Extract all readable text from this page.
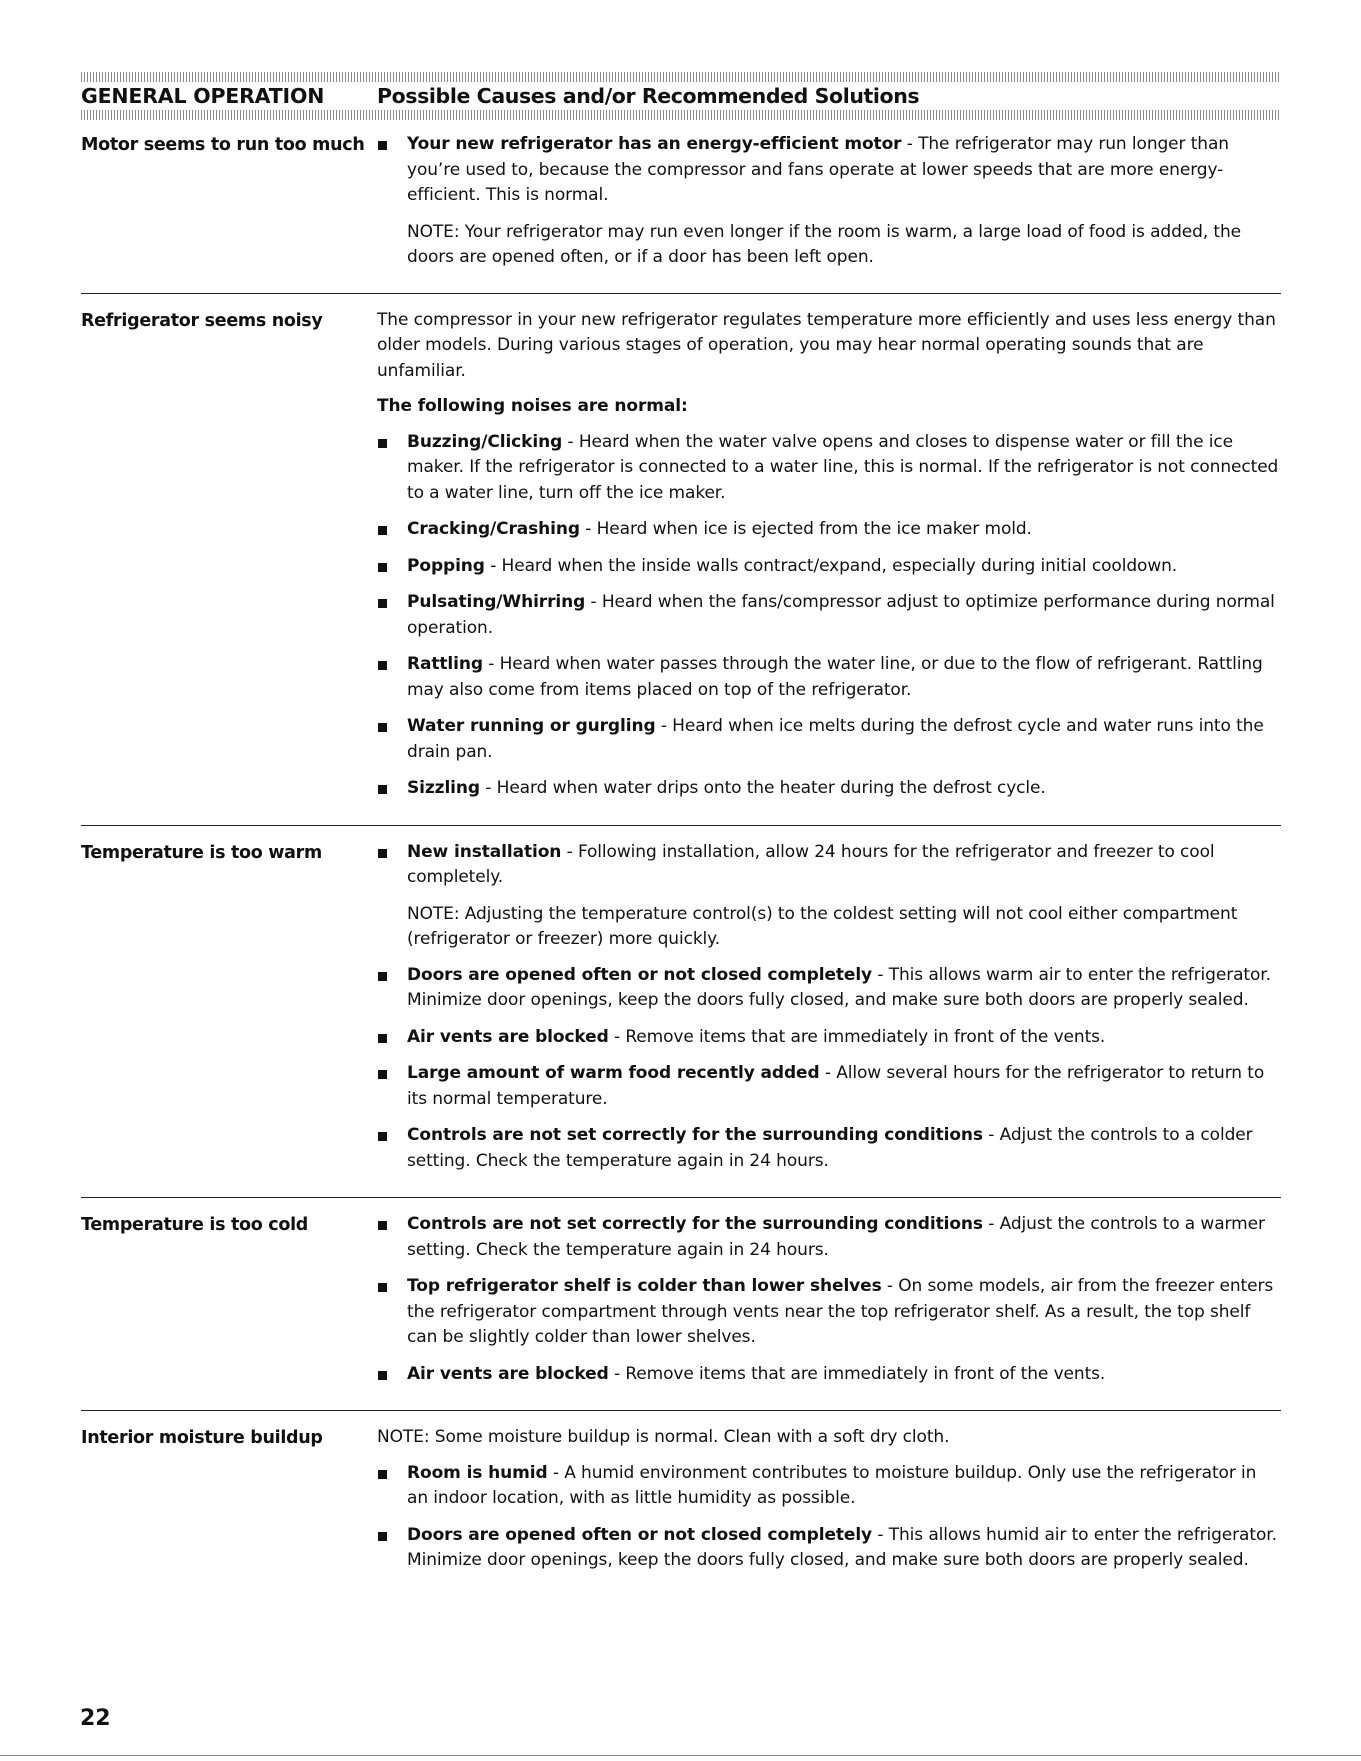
GENERAL OPERATION	Possible Causes and/or Recommended Solutions
Motor seems to run too much	Your new refrigerator has an energy-efficient motor - The refrigerator may run longer than you’re used to, because the compressor and fans operate at lower speeds that are more energy-efficient. This is normal.
NOTE: Your refrigerator may run even longer if the room is warm, a large load of food is added, the doors are opened often, or if a door has been left open.
Refrigerator seems noisy	The compressor in your new refrigerator regulates temperature more efficiently and uses less energy than older models. During various stages of operation, you may hear normal operating sounds that are unfamiliar.
The following noises are normal:
Buzzing/Clicking - Heard when the water valve opens and closes to dispense water or fill the ice maker. If the refrigerator is connected to a water line, this is normal. If the refrigerator is not connected to a water line, turn off the ice maker.
Cracking/Crashing - Heard when ice is ejected from the ice maker mold.
Popping - Heard when the inside walls contract/expand, especially during initial cooldown.
Pulsating/Whirring - Heard when the fans/compressor adjust to optimize performance during normal operation.
Rattling - Heard when water passes through the water line, or due to the flow of refrigerant. Rattling may also come from items placed on top of the refrigerator.
Water running or gurgling - Heard when ice melts during the defrost cycle and water runs into the drain pan.
Sizzling - Heard when water drips onto the heater during the defrost cycle.
Temperature is too warm	New installation - Following installation, allow 24 hours for the refrigerator and freezer to cool completely.
NOTE: Adjusting the temperature control(s) to the coldest setting will not cool either compartment (refrigerator or freezer) more quickly.
Doors are opened often or not closed completely - This allows warm air to enter the refrigerator. Minimize door openings, keep the doors fully closed, and make sure both doors are properly sealed.
Air vents are blocked - Remove items that are immediately in front of the vents.
Large amount of warm food recently added - Allow several hours for the refrigerator to return to its normal temperature.
Controls are not set correctly for the surrounding conditions - Adjust the controls to a colder setting. Check the temperature again in 24 hours.
Temperature is too cold	Controls are not set correctly for the surrounding conditions - Adjust the controls to a warmer setting. Check the temperature again in 24 hours.
Top refrigerator shelf is colder than lower shelves - On some models, air from the freezer enters the refrigerator compartment through vents near the top refrigerator shelf. As a result, the top shelf can be slightly colder than lower shelves.
Air vents are blocked - Remove items that are immediately in front of the vents.
Interior moisture buildup	NOTE: Some moisture buildup is normal. Clean with a soft dry cloth.
Room is humid - A humid environment contributes to moisture buildup. Only use the refrigerator in an indoor location, with as little humidity as possible.
Doors are opened often or not closed completely - This allows humid air to enter the refrigerator. Minimize door openings, keep the doors fully closed, and make sure both doors are properly sealed.
22
